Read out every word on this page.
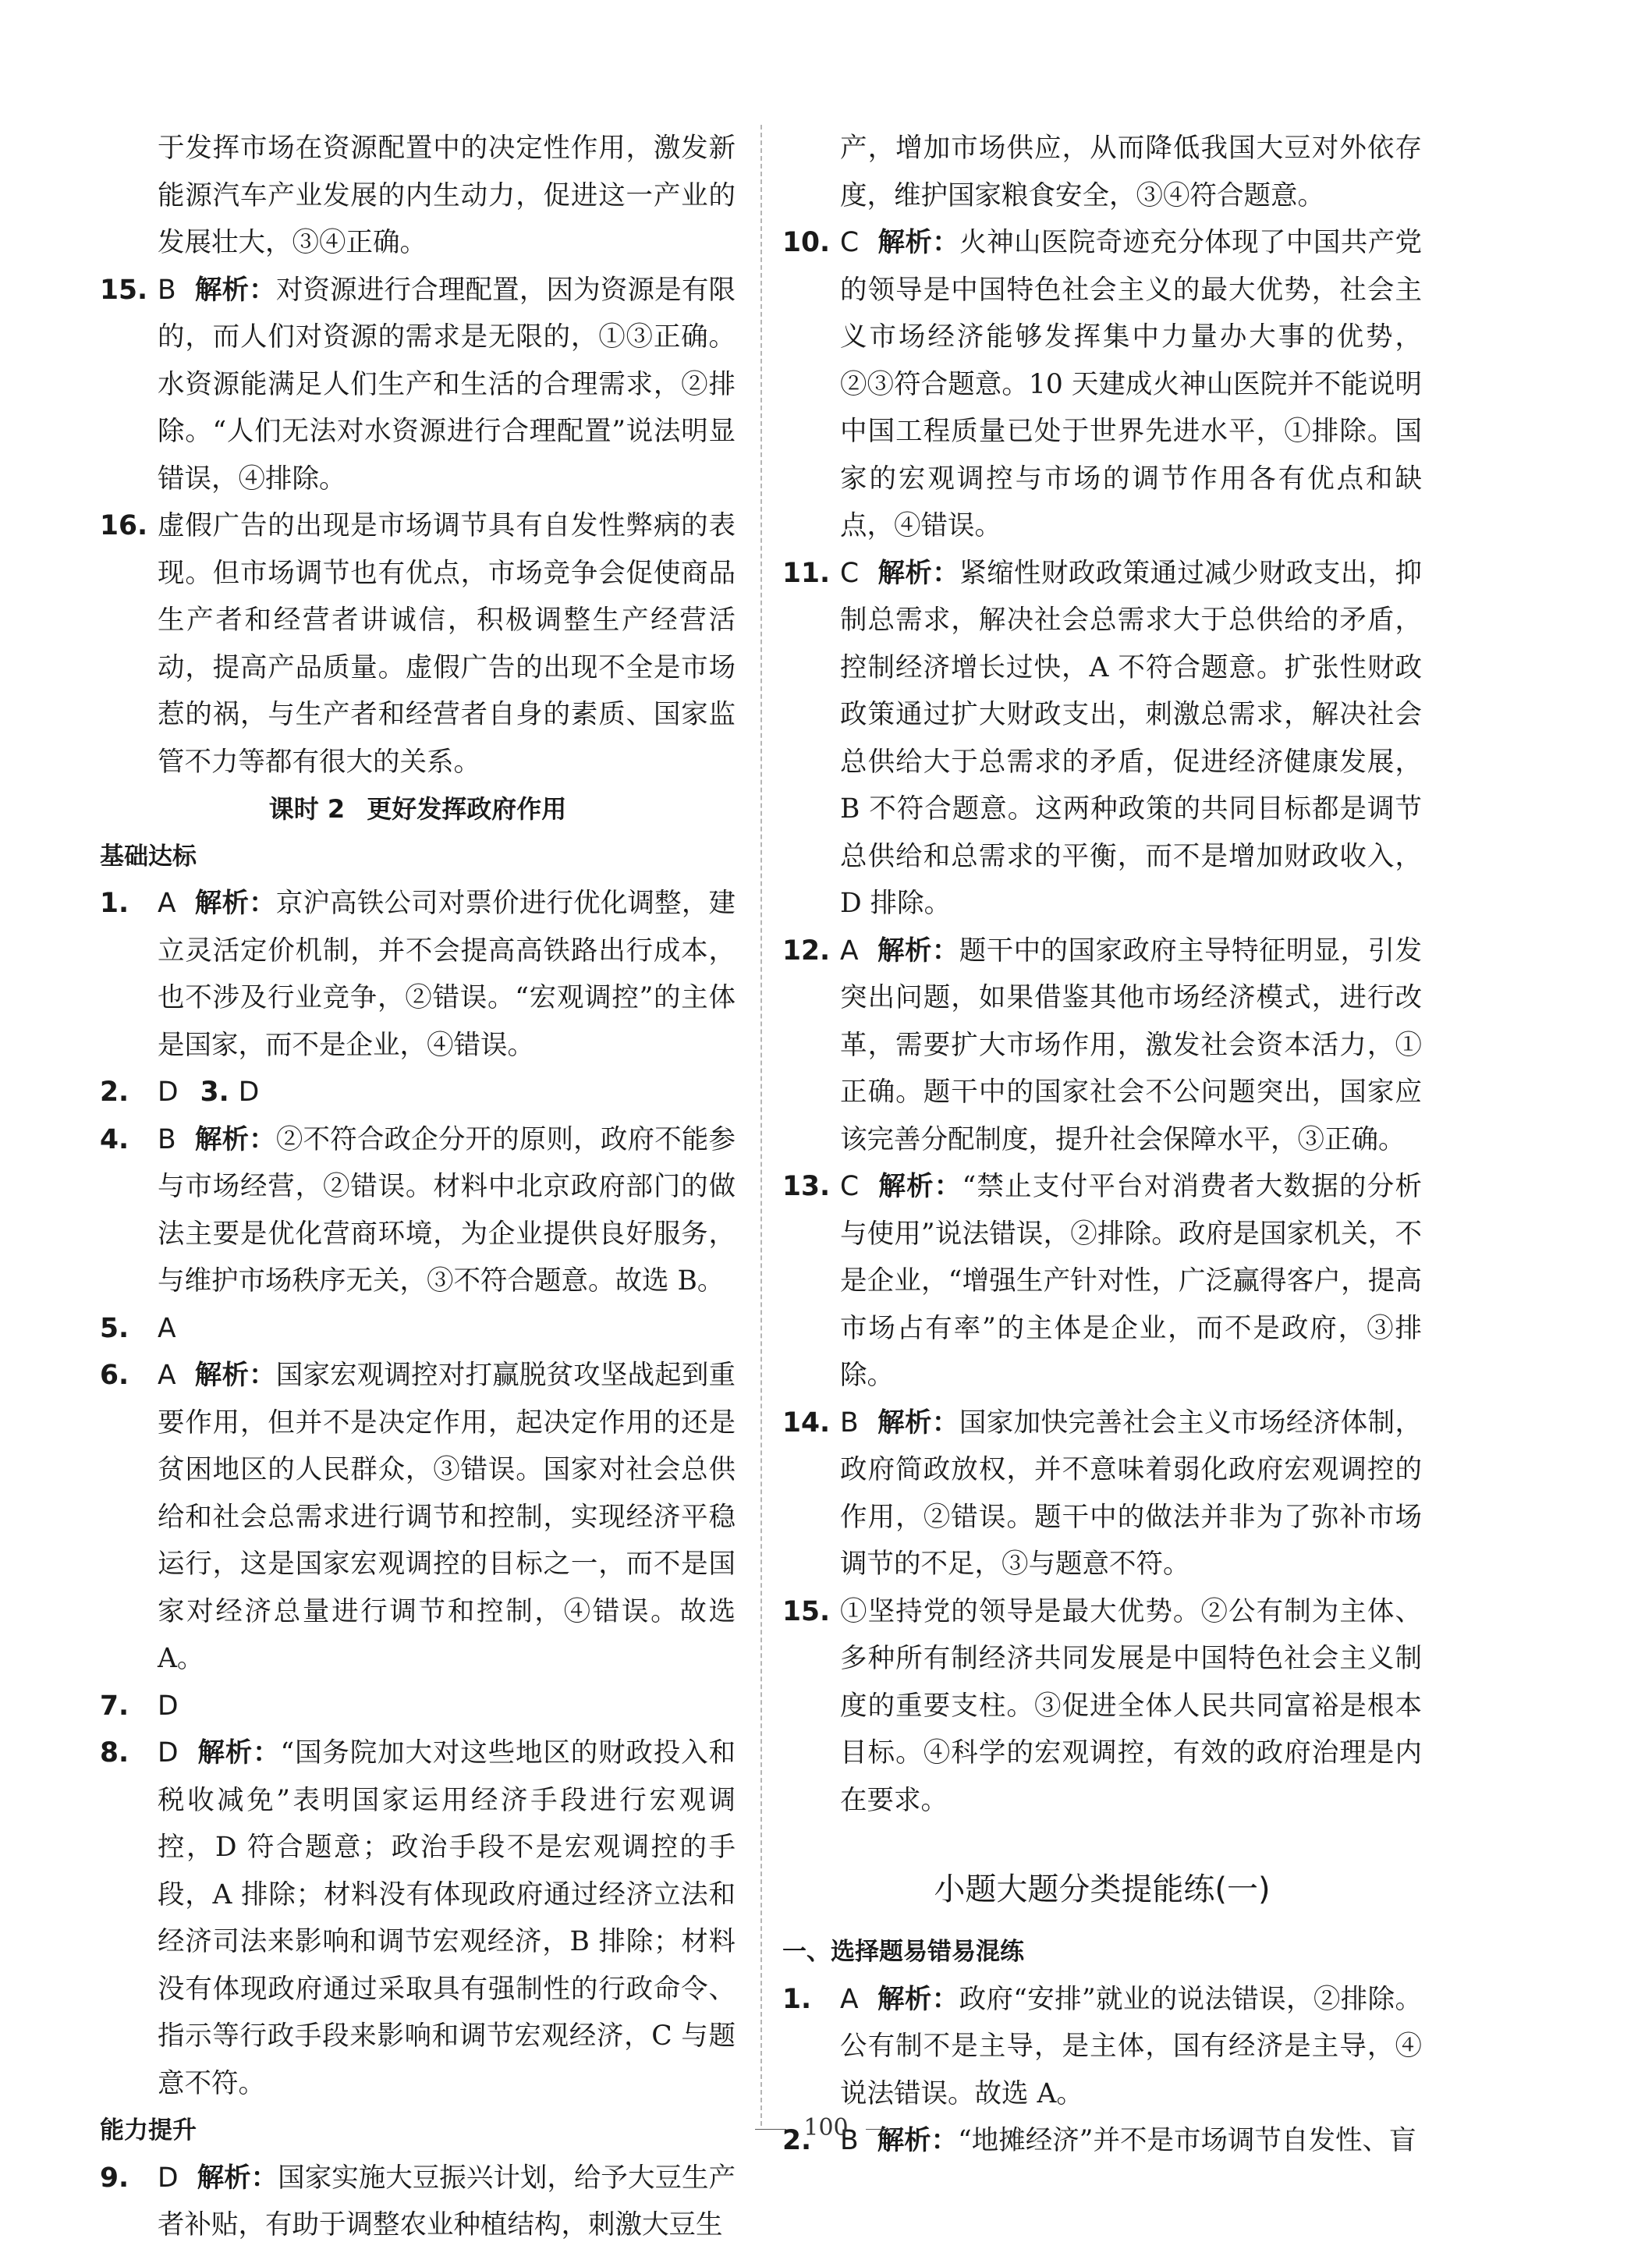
于发挥市场在资源配置中的决定性作用，激发新能源汽车产业发展的内生动力，促进这一产业的发展壮大，③④正确。
15. B 解析：对资源进行合理配置，因为资源是有限的，而人们对资源的需求是无限的，①③正确。水资源能满足人们生产和生活的合理需求，②排除。“人们无法对水资源进行合理配置”说法明显错误，④排除。
16. 虚假广告的出现是市场调节具有自发性弊病的表现。但市场调节也有优点，市场竞争会促使商品生产者和经营者讲诚信，积极调整生产经营活动，提高产品质量。虚假广告的出现不全是市场惹的祸，与生产者和经营者自身的素质、国家监管不力等都有很大的关系。
课时 2 更好发挥政府作用
基础达标
1. A 解析：京沪高铁公司对票价进行优化调整，建立灵活定价机制，并不会提高高铁路出行成本，也不涉及行业竞争，②错误。“宏观调控”的主体是国家，而不是企业，④错误。
2. D 3. D
4. B 解析：②不符合政企分开的原则，政府不能参与市场经营，②错误。材料中北京政府部门的做法主要是优化营商环境，为企业提供良好服务，与维护市场秩序无关，③不符合题意。故选 B。
5. A
6. A 解析：国家宏观调控对打赢脱贫攻坚战起到重要作用，但并不是决定作用，起决定作用的还是贫困地区的人民群众，③错误。国家对社会总供给和社会总需求进行调节和控制，实现经济平稳运行，这是国家宏观调控的目标之一，而不是国家对经济总量进行调节和控制，④错误。故选 A。
7. D
8. D 解析：“国务院加大对这些地区的财政投入和税收减免”表明国家运用经济手段进行宏观调控，D 符合题意；政治手段不是宏观调控的手段，A 排除；材料没有体现政府通过经济立法和经济司法来影响和调节宏观经济，B 排除；材料没有体现政府通过采取具有强制性的行政命令、指示等行政手段来影响和调节宏观经济，C 与题意不符。
能力提升
9. D 解析：国家实施大豆振兴计划，给予大豆生产者补贴，有助于调整农业种植结构，刺激大豆生
产，增加市场供应，从而降低我国大豆对外依存度，维护国家粮食安全，③④符合题意。
10. C 解析：火神山医院奇迹充分体现了中国共产党的领导是中国特色社会主义的最大优势，社会主义市场经济能够发挥集中力量办大事的优势，②③符合题意。10 天建成火神山医院并不能说明中国工程质量已处于世界先进水平，①排除。国家的宏观调控与市场的调节作用各有优点和缺点，④错误。
11. C 解析：紧缩性财政政策通过减少财政支出，抑制总需求，解决社会总需求大于总供给的矛盾，控制经济增长过快，A 不符合题意。扩张性财政政策通过扩大财政支出，刺激总需求，解决社会总供给大于总需求的矛盾，促进经济健康发展，B 不符合题意。这两种政策的共同目标都是调节总供给和总需求的平衡，而不是增加财政收入，D 排除。
12. A 解析：题干中的国家政府主导特征明显，引发突出问题，如果借鉴其他市场经济模式，进行改革，需要扩大市场作用，激发社会资本活力，①正确。题干中的国家社会不公问题突出，国家应该完善分配制度，提升社会保障水平，③正确。
13. C 解析：“禁止支付平台对消费者大数据的分析与使用”说法错误，②排除。政府是国家机关，不是企业，“增强生产针对性，广泛赢得客户，提高市场占有率”的主体是企业，而不是政府，③排除。
14. B 解析：国家加快完善社会主义市场经济体制，政府简政放权，并不意味着弱化政府宏观调控的作用，②错误。题干中的做法并非为了弥补市场调节的不足，③与题意不符。
15. ①坚持党的领导是最大优势。②公有制为主体、多种所有制经济共同发展是中国特色社会主义制度的重要支柱。③促进全体人民共同富裕是根本目标。④科学的宏观调控，有效的政府治理是内在要求。
小题大题分类提能练(一)
一、选择题易错易混练
1. A 解析：政府“安排”就业的说法错误，②排除。公有制不是主导，是主体，国有经济是主导，④说法错误。故选 A。
2. B 解析：“地摊经济”并不是市场调节自发性、盲
100
